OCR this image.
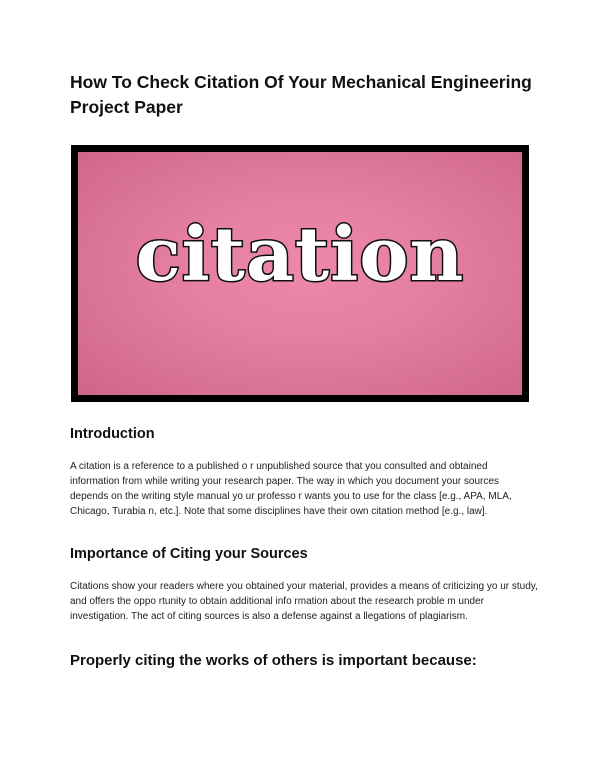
How To Check Citation Of Your Mechanical Engineering Project Paper
citation
Introduction

A citation is a reference to a published o r unpublished source that you consulted and obtained information from while writing your research paper. The way in which you document your sources depends on the writing style manual yo ur professo r wants you to use for the class [e.g., APA, MLA, Chicago, Turabia n, etc.]. Note that some disciplines have their own citation method [e.g., law].

Importance of Citing your Sources

Citations show your readers where you obtained your material, provides a means of criticizing yo ur study, and offers the oppo rtunity to obtain additional info rmation about the research proble m under investigation. The act of citing sources is also a defense against a llegations of plagiarism.

Properly citing the works of others is important because:
